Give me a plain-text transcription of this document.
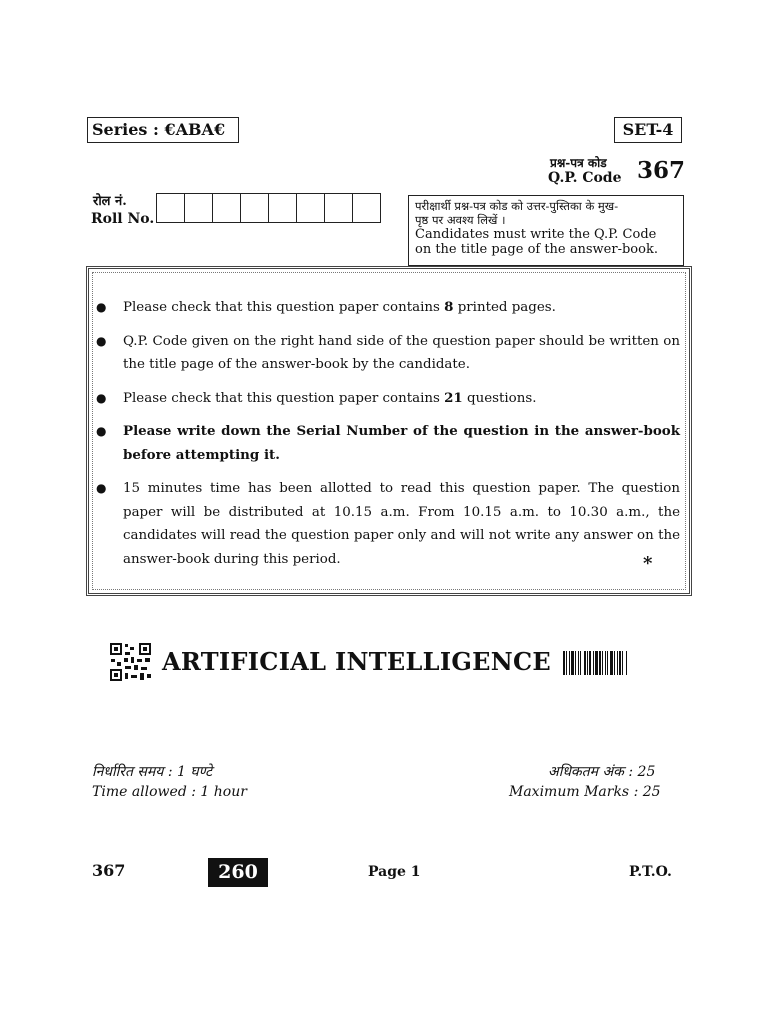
Series : €ABA€	SET-4
प्रश्न-पत्र कोड
Q.P. Code 367
रोल नं.
Roll No.
परीक्षार्थी प्रश्न-पत्र कोड को उत्तर-पुस्तिका के मुख-
पृष्ठ पर अवश्य लिखें ।
Candidates must write the Q.P. Code
on the title page of the answer-book.
● Please check that this question paper contains 8 printed pages.
● Q.P. Code given on the right hand side of the question paper should be written on the title page of the answer-book by the candidate.
● Please check that this question paper contains 21 questions.
● Please write down the Serial Number of the question in the answer-book before attempting it.
● 15 minutes time has been allotted to read this question paper. The question paper will be distributed at 10.15 a.m. From 10.15 a.m. to 10.30 a.m., the candidates will read the question paper only and will not write any answer on the answer-book during this period.	*
ARTIFICIAL INTELLIGENCE
निर्धारित समय : 1 घण्टे
Time allowed : 1 hour
अधिकतम अंक : 25
Maximum Marks : 25
367	260	Page 1	P.T.O.
